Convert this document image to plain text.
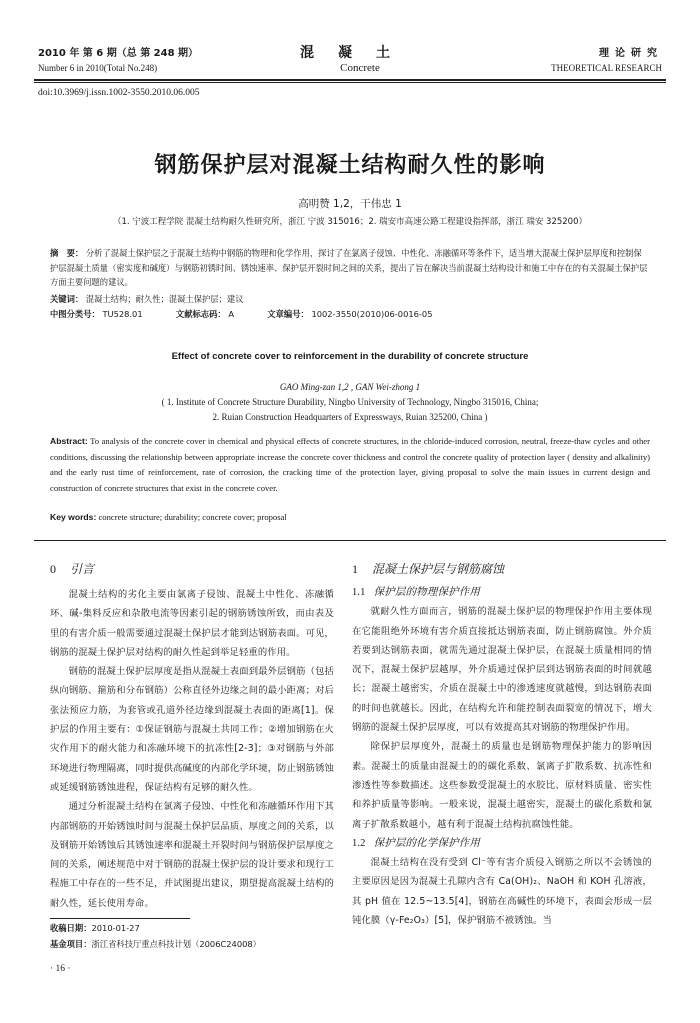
2010 年 第 6 期（总 第 248 期）
Number 6 in 2010(Total No.248)
混凝土
Concrete
理论研究
THEORETICAL RESEARCH
doi:10.3969/j.issn.1002-3550.2010.06.005
钢筋保护层对混凝土结构耐久性的影响
高明赞 1,2，干伟忠 1
（1. 宁波工程学院 混凝土结构耐久性研究所，浙江 宁波 315016；2. 瑞安市高速公路工程建设指挥部，浙江 瑞安 325200）
摘　要： 分析了混凝土保护层之于混凝土结构中钢筋的物理和化学作用，探讨了在氯离子侵蚀、中性化、冻融循环等条件下，适当增大混凝土保护层厚度和控制保护层混凝土质量（密实度和碱度）与钢筋初锈时间、锈蚀速率、保护层开裂时间之间的关系，提出了旨在解决当前混凝土结构设计和施工中存在的有关混凝土保护层方面主要问题的建议。
关键词： 混凝土结构；耐久性；混凝土保护层；建议
中图分类号： TU528.01	文献标志码： A	文章编号： 1002-3550(2010)06-0016-05
Effect of concrete cover to reinforcement in the durability of concrete structure
GAO Ming-zan 1,2 , GAN Wei-zhong 1
( 1. Institute of Concrete Structure Durability, Ningbo University of Technology, Ningbo 315016, China;
2. Ruian Construction Headquarters of Expressways, Ruian 325200, China )
Abstract: To analysis of the concrete cover in chemical and physical effects of concrete structures, in the chloride-induced corrosion, neutral, freeze-thaw cycles and other conditions, discussing the relationship between appropriate increase the concrete cover thickness and control the concrete quality of protection layer ( density and alkalinity) and the early rust time of reinforcement, rate of corrosion, the cracking time of the protection layer, giving proposal to solve the main issues in current design and construction of concrete structures that exist in the concrete cover.
Key words: concrete structure; durability; concrete cover; proposal
0 引言

混凝土结构的劣化主要由氯离子侵蚀、混凝土中性化、冻融循环、碱-集料反应和杂散电流等因素引起的钢筋锈蚀所致，而由表及里的有害介质一般需要通过混凝土保护层才能到达钢筋表面。可见，钢筋的混凝土保护层对结构的耐久性起到举足轻重的作用。

钢筋的混凝土保护层厚度是指从混凝土表面到最外层钢筋（包括纵向钢筋、箍筋和分布钢筋）公称直径外边缘之间的最小距离；对后张法预应力筋，为套管或孔道外径边缘到混凝土表面的距离[1]。保护层的作用主要有：①保证钢筋与混凝土共同工作；②增加钢筋在火灾作用下的耐火能力和冻融环境下的抗冻性[2-3]；③对钢筋与外部环境进行物理隔离，同时提供高碱度的内部化学环境，防止钢筋锈蚀或延缓钢筋锈蚀进程，保证结构有足够的耐久性。

通过分析混凝土结构在氯离子侵蚀、中性化和冻融循环作用下其内部钢筋的开始锈蚀时间与混凝土保护层品质、厚度之间的关系，以及钢筋开始锈蚀后其锈蚀速率和混凝土开裂时间与钢筋保护层厚度之间的关系，阐述规范中对于钢筋的混凝土保护层的设计要求和现行工程施工中存在的一些不足，并试图提出建议，期望提高混凝土结构的耐久性，延长使用寿命。

1 混凝土保护层与钢筋腐蚀
1.1 保护层的物理保护作用

就耐久性方面而言，钢筋的混凝土保护层的物理保护作用主要体现在它能阻绝外环境有害介质直接抵达钢筋表面，防止钢筋腐蚀。外介质若要到达钢筋表面，就需先通过混凝土保护层，在混凝土质量相同的情况下，混凝土保护层越厚，外介质通过保护层到达钢筋表面的时间就越长；混凝土越密实，介质在混凝土中的渗透速度就越慢，到达钢筋表面的时间也就越长。因此，在结构允许和能控制表面裂宽的情况下，增大钢筋的混凝土保护层厚度，可以有效提高其对钢筋的物理保护作用。

除保护层厚度外，混凝土的质量也是钢筋物理保护能力的影响因素。混凝土的质量由混凝土的的碳化系数、氯离子扩散系数、抗冻性和渗透性等参数描述。这些参数受混凝土的水胶比、原材料质量、密实性和养护质量等影响。一般来说，混凝土越密实，混凝土的碳化系数和氯离子扩散系数越小，越有利于混凝土结构抗腐蚀性能。

1.2 保护层的化学保护作用

混凝土结构在没有受到 Cl⁻等有害介质侵入钢筋之所以不会锈蚀的主要原因是因为混凝土孔隙内含有 Ca(OH)₂、NaOH 和 KOH 孔溶液，其 pH 值在 12.5~13.5[4]，钢筋在高碱性的环境下，表面会形成一层钝化膜（γ-Fe₂O₃）[5]，保护钢筋不被锈蚀。当

收稿日期：2010-01-27
基金项目：浙江省科技厅重点科技计划（2006C24008）
· 16 ·
